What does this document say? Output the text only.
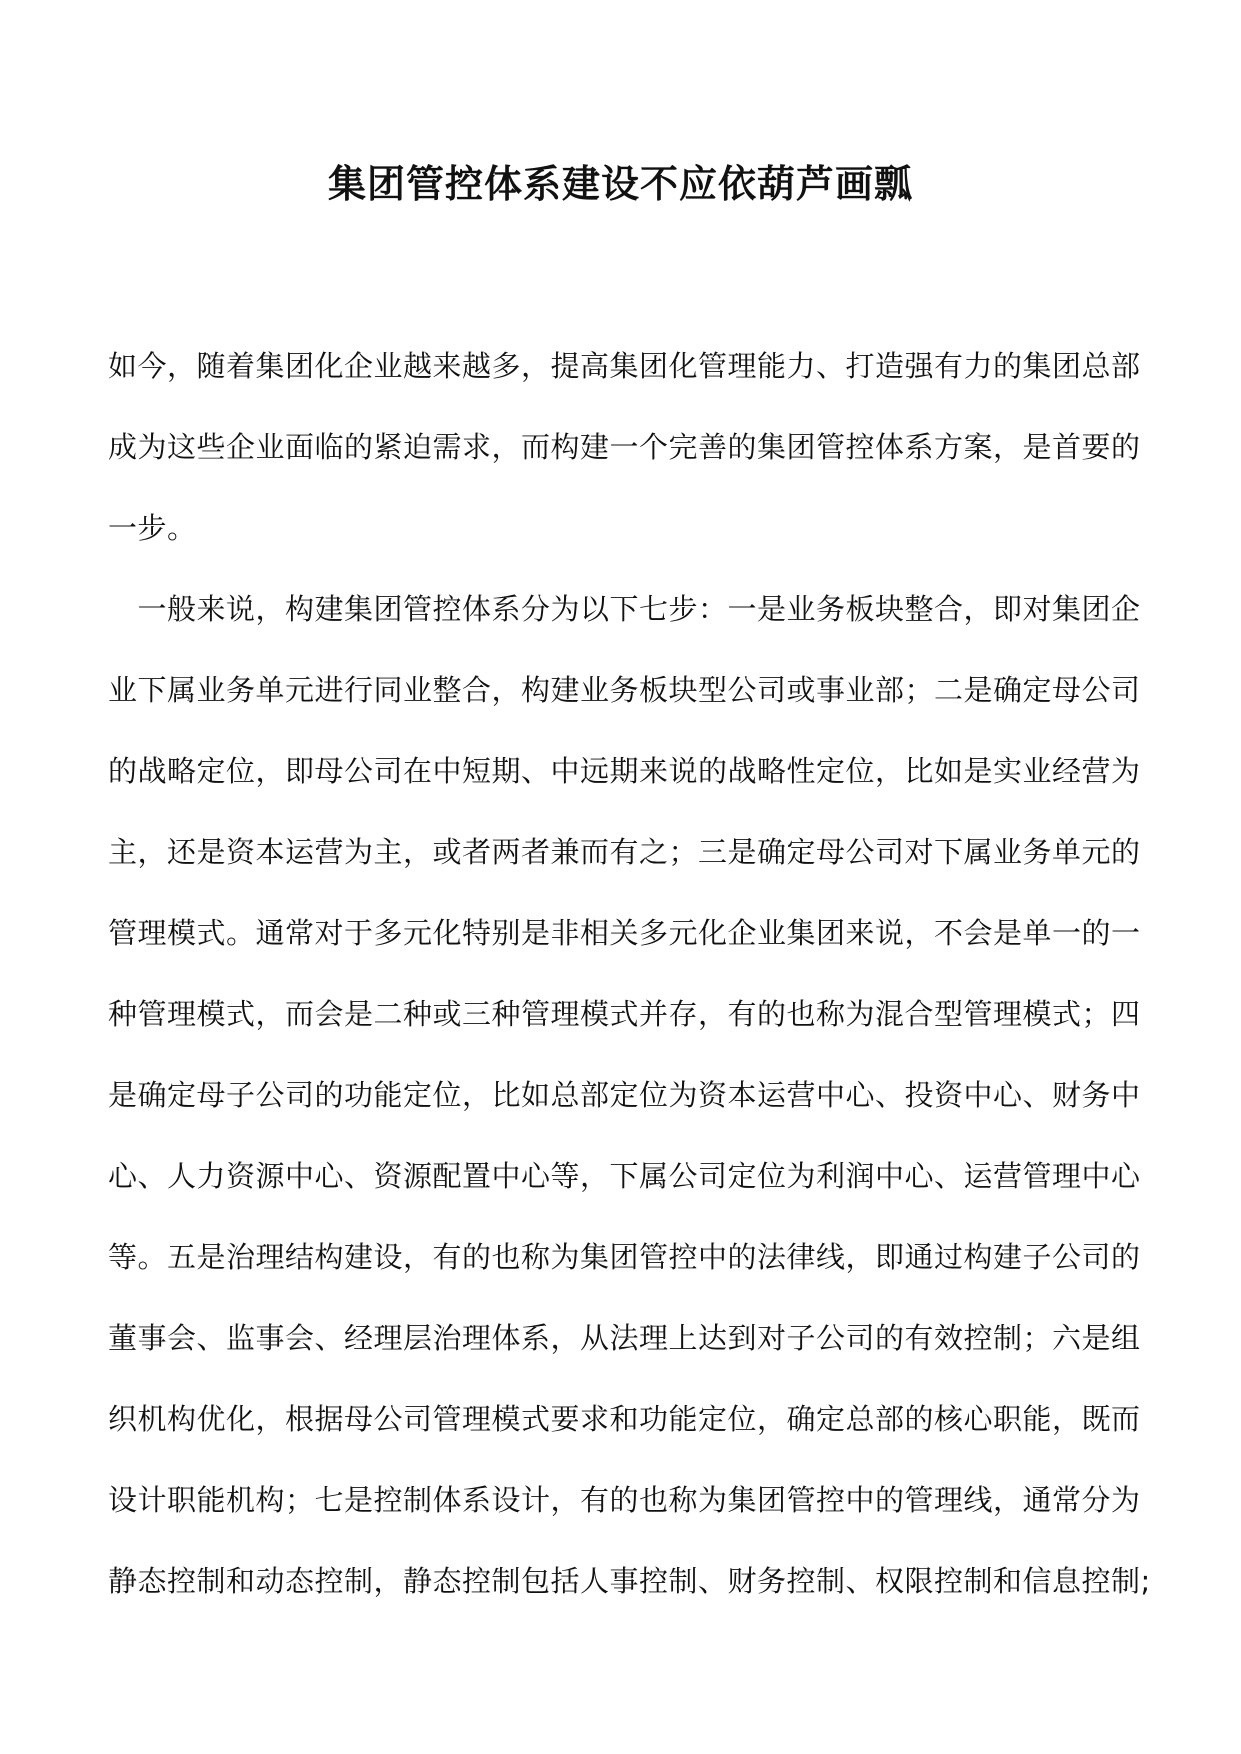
集团管控体系建设不应依葫芦画瓢
如今，随着集团化企业越来越多，提高集团化管理能力、打造强有力的集团总部
成为这些企业面临的紧迫需求，而构建一个完善的集团管控体系方案，是首要的
一步。
　一般来说，构建集团管控体系分为以下七步：一是业务板块整合，即对集团企
业下属业务单元进行同业整合，构建业务板块型公司或事业部；二是确定母公司
的战略定位，即母公司在中短期、中远期来说的战略性定位，比如是实业经营为
主，还是资本运营为主，或者两者兼而有之；三是确定母公司对下属业务单元的
管理模式。通常对于多元化特别是非相关多元化企业集团来说，不会是单一的一
种管理模式，而会是二种或三种管理模式并存，有的也称为混合型管理模式；四
是确定母子公司的功能定位，比如总部定位为资本运营中心、投资中心、财务中
心、人力资源中心、资源配置中心等，下属公司定位为利润中心、运营管理中心
等。五是治理结构建设，有的也称为集团管控中的法律线，即通过构建子公司的
董事会、监事会、经理层治理体系，从法理上达到对子公司的有效控制；六是组
织机构优化，根据母公司管理模式要求和功能定位，确定总部的核心职能，既而
设计职能机构；七是控制体系设计，有的也称为集团管控中的管理线，通常分为
静态控制和动态控制，静态控制包括人事控制、财务控制、权限控制和信息控制;
